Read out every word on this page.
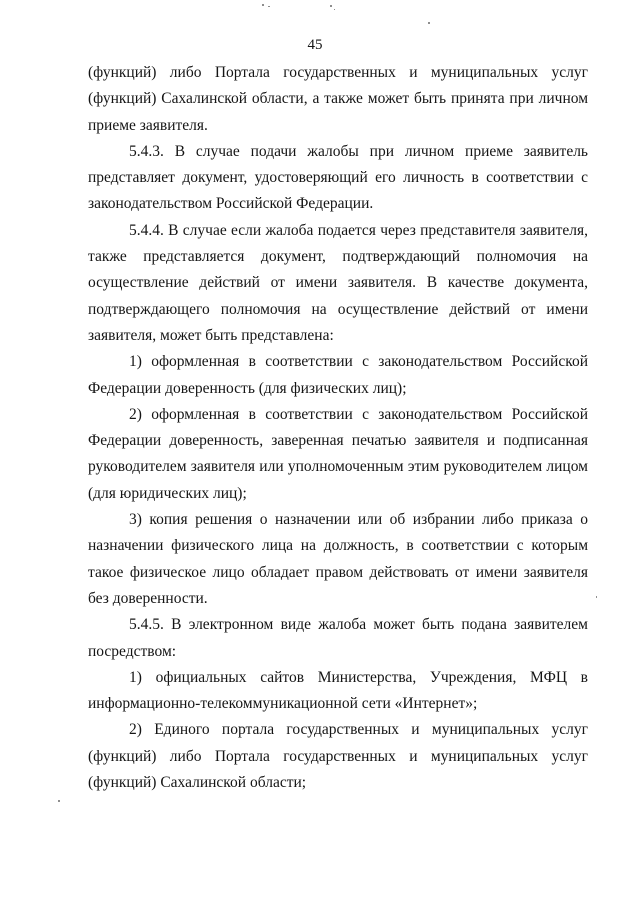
45

(функций) либо Портала государственных и муниципальных услуг (функций) Сахалинской области, а также может быть принята при личном приеме заявителя.

5.4.3. В случае подачи жалобы при личном приеме заявитель представляет документ, удостоверяющий его личность в соответствии с законодательством Российской Федерации.

5.4.4. В случае если жалоба подается через представителя заявителя, также представляется документ, подтверждающий полномочия на осуществление действий от имени заявителя. В качестве документа, подтверждающего полномочия на осуществление действий от имени заявителя, может быть представлена:

1) оформленная в соответствии с законодательством Российской Федерации доверенность (для физических лиц);

2) оформленная в соответствии с законодательством Российской Федерации доверенность, заверенная печатью заявителя и подписанная руководителем заявителя или уполномоченным этим руководителем лицом (для юридических лиц);

3) копия решения о назначении или об избрании либо приказа о назначении физического лица на должность, в соответствии с которым такое физическое лицо обладает правом действовать от имени заявителя без доверенности.

5.4.5. В электронном виде жалоба может быть подана заявителем посредством:

1) официальных сайтов Министерства, Учреждения, МФЦ в информационно-телекоммуникационной сети «Интернет»;

2) Единого портала государственных и муниципальных услуг (функций) либо Портала государственных и муниципальных услуг (функций) Сахалинской области;
